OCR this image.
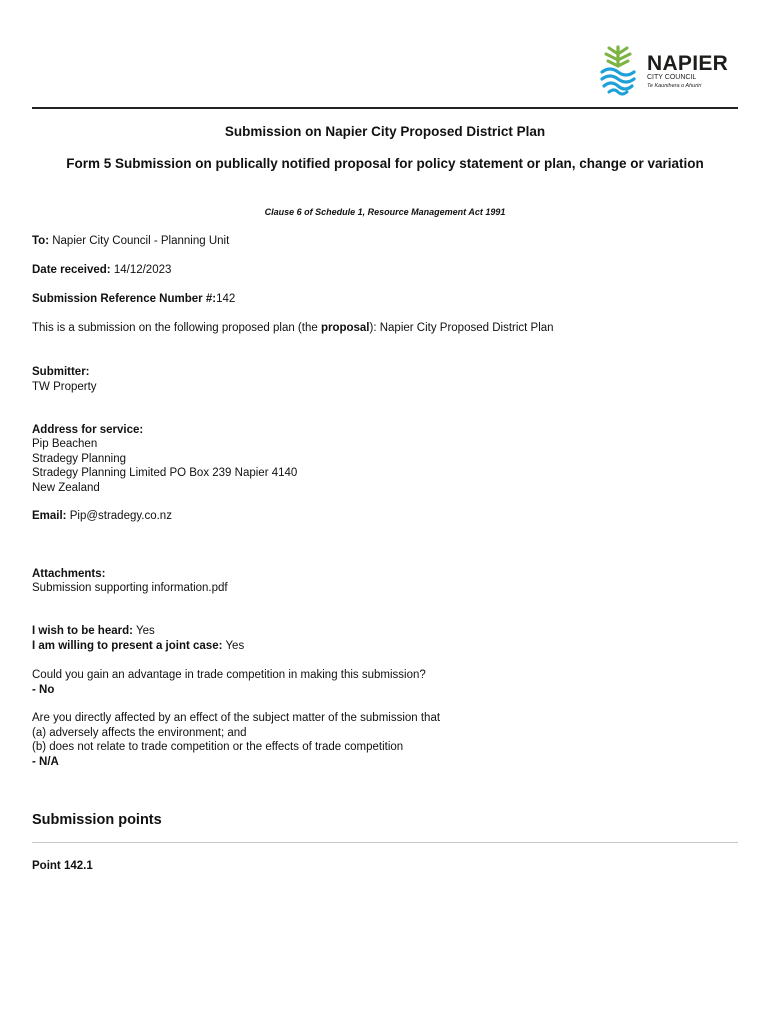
NAPIER
CITY COUNCIL
Te Kaunihera o Ahuriri
Submission on Napier City Proposed District Plan
Form 5 Submission on publically notified proposal for policy statement or plan, change or variation
Clause 6 of Schedule 1, Resource Management Act 1991
To: Napier City Council - Planning Unit
Date received: 14/12/2023
Submission Reference Number #:142
This is a submission on the following proposed plan (the proposal): Napier City Proposed District Plan
Submitter:
TW Property
Address for service:
Pip Beachen
Stradegy Planning
Stradegy Planning Limited PO Box 239 Napier 4140
New Zealand
Email: Pip@stradegy.co.nz
Attachments:
Submission supporting information.pdf
I wish to be heard: Yes
I am willing to present a joint case: Yes
Could you gain an advantage in trade competition in making this submission?
- No
Are you directly affected by an effect of the subject matter of the submission that
(a) adversely affects the environment; and
(b) does not relate to trade competition or the effects of trade competition
- N/A
Submission points
Point 142.1
